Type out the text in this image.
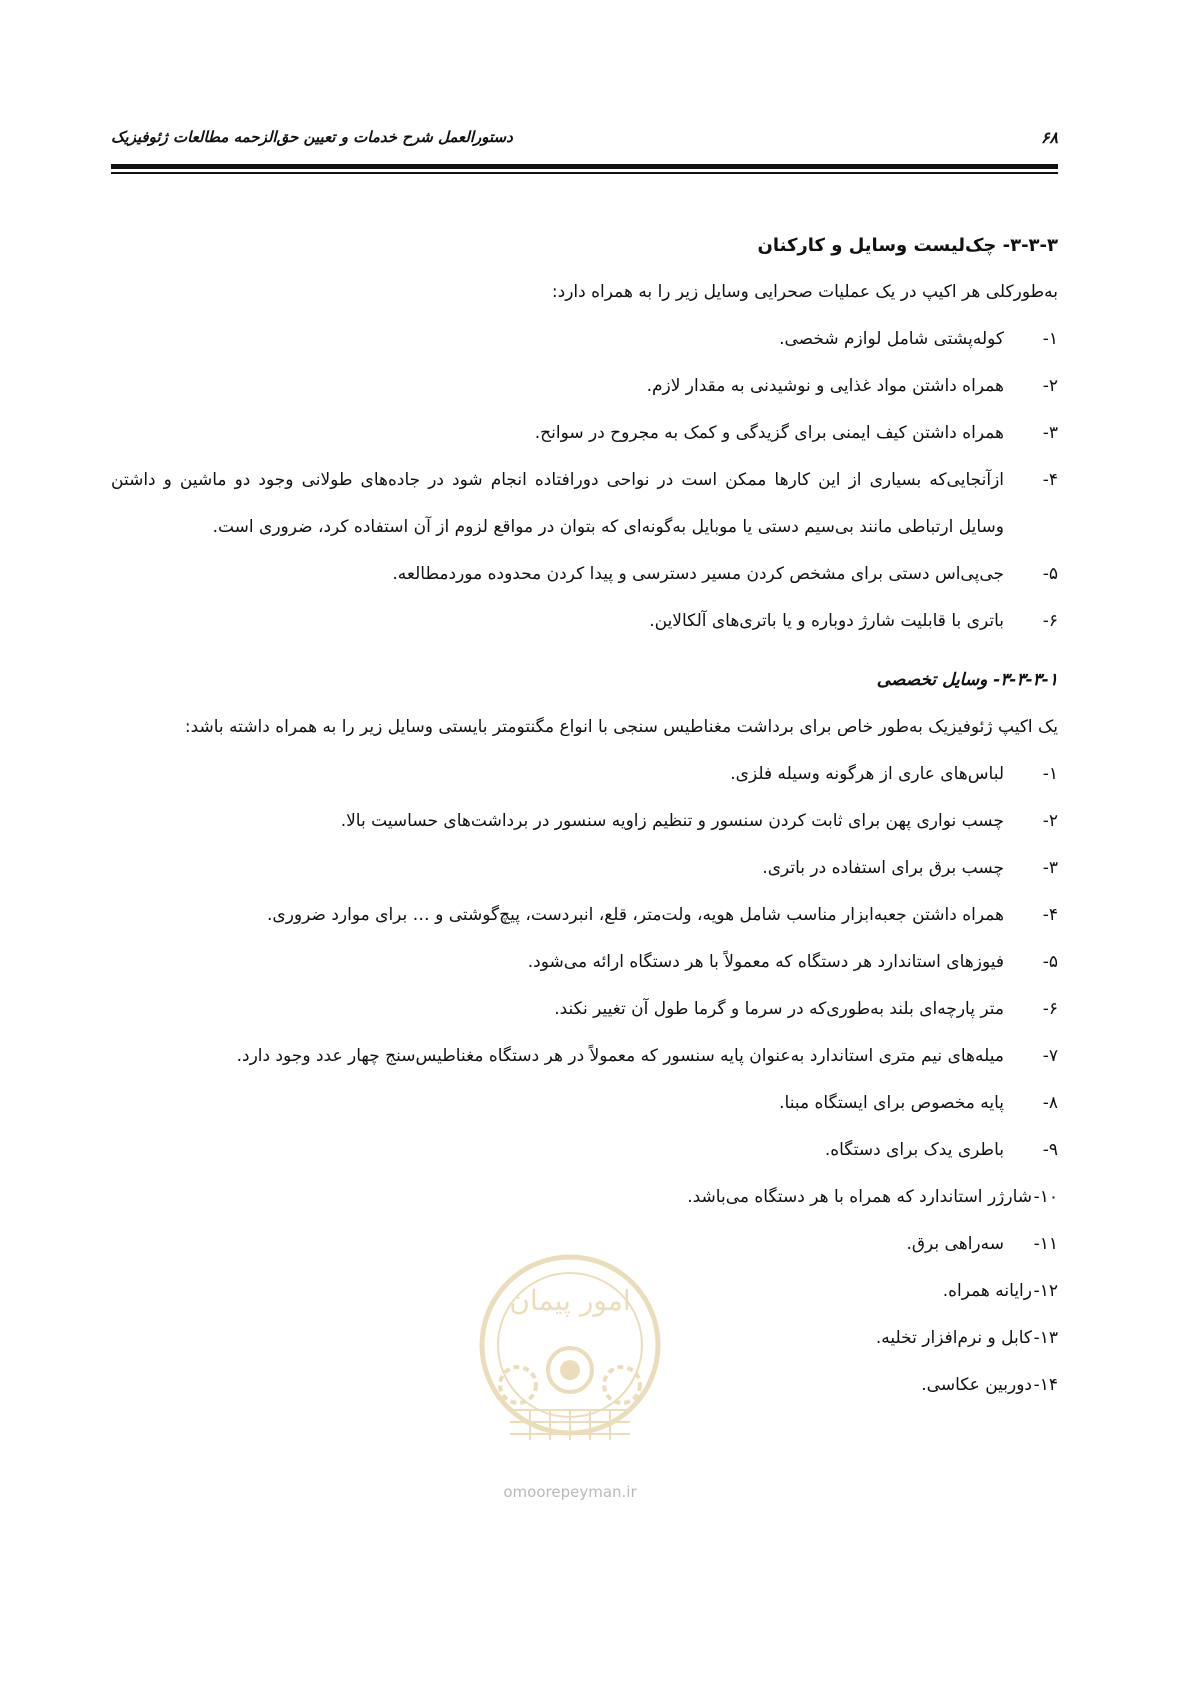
۶۸
دستورالعمل شرح خدمات و تعیین حق‌الزحمه مطالعات ژئوفیزیک

۳-۳-۳- چک‌لیست وسایل و کارکنان

به‌طورکلی هر اکیپ در یک عملیات صحرایی وسایل زیر را به همراه دارد:

۱-
کوله‌پشتی شامل لوازم شخصی.
۲-
همراه داشتن مواد غذایی و نوشیدنی به مقدار لازم.
۳-
همراه داشتن کیف ایمنی برای گزیدگی و کمک به مجروح در سوانح.
۴-
ازآنجایی‌که بسیاری از این کارها ممکن است در نواحی دورافتاده انجام شود در جاده‌های طولانی وجود دو ماشین و داشتن وسایل ارتباطی مانند بی‌سیم دستی یا موبایل به‌گونه‌ای که بتوان در مواقع لزوم از آن استفاده کرد، ضروری است.
۵-
جی‌پی‌اس دستی برای مشخص کردن مسیر دسترسی و پیدا کردن محدوده موردمطالعه.
۶-
باتری با قابلیت شارژ دوباره و یا باتری‌های آلکالاین.

۳-۳-۳-۱- وسایل تخصصی

یک اکیپ ژئوفیزیک به‌طور خاص برای برداشت مغناطیس سنجی با انواع مگنتومتر بایستی وسایل زیر را به همراه داشته باشد:

۱-
لباس‌های عاری از هرگونه وسیله فلزی.
۲-
چسب نواری پهن برای ثابت کردن سنسور و تنظیم زاویه سنسور در برداشت‌های حساسیت بالا.
۳-
چسب برق برای استفاده در باتری.
۴-
همراه داشتن جعبه‌ابزار مناسب شامل هویه، ولت‌متر، قلع، انبردست، پیچ‌گوشتی و … برای موارد ضروری.
۵-
فیوزهای استاندارد هر دستگاه که معمولاً با هر دستگاه ارائه می‌شود.
۶-
متر پارچه‌ای بلند به‌طوری‌که در سرما و گرما طول آن تغییر نکند.
۷-
میله‌های نیم متری استاندارد به‌عنوان پایه سنسور که معمولاً در هر دستگاه مغناطیس‌سنج چهار عدد وجود دارد.
۸-
پایه مخصوص برای ایستگاه مبنا.
۹-
باطری یدک برای دستگاه.
۱۰-
شارژر استاندارد که همراه با هر دستگاه می‌باشد.
۱۱-
سه‌راهی برق.
۱۲-
رایانه همراه.
۱۳-
کابل و نرم‌افزار تخلیه.
۱۴-
دوربین عکاسی.
امور پیمان
omoorepeyman.ir
